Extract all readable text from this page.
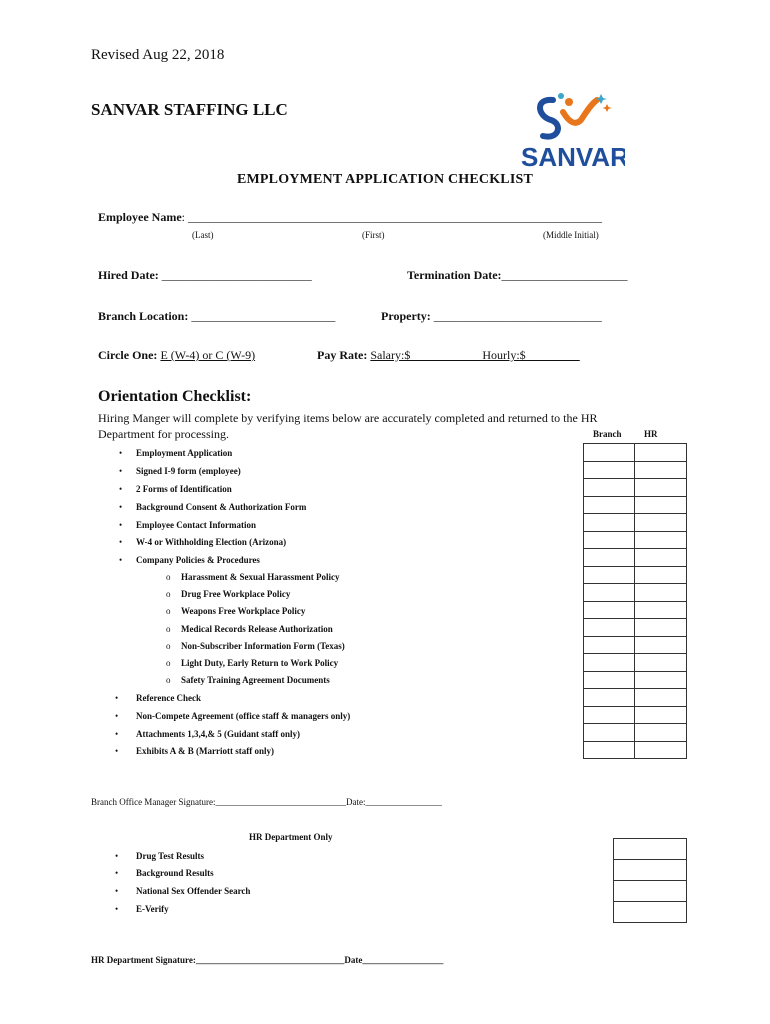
Revised Aug 22, 2018
SANVAR STAFFING LLC
SANVAR
EMPLOYMENT APPLICATION CHECKLIST
Employee Name: _____________________________________________________________________
(Last)	(First)	(Middle Initial)
Hired Date: _________________________	Termination Date:_____________________
Branch Location: ________________________	Property: ____________________________
Circle One: E (W-4) or C (W-9)	Pay Rate: Salary:$____________Hourly:$_________
Orientation Checklist:
Hiring Manger will complete by verifying items below are accurately completed and returned to the HR Department for processing.	Branch HR
• Employment Application
• Signed I-9 form (employee)
• 2 Forms of Identification
• Background Consent & Authorization Form
• Employee Contact Information
• W-4 or Withholding Election (Arizona)
• Company Policies & Procedures
o Harassment & Sexual Harassment Policy
o Drug Free Workplace Policy
o Weapons Free Workplace Policy
o Medical Records Release Authorization
o Non-Subscriber Information Form (Texas)
o Light Duty, Early Return to Work Policy
o Safety Training Agreement Documents
• Reference Check
• Non-Compete Agreement (office staff & managers only)
• Attachments 1,3,4,& 5 (Guidant staff only)
• Exhibits A & B (Marriott staff only)

Branch Office Manager Signature:_____________________________Date:_________________
HR Department Only
• Drug Test Results
• Background Results
• National Sex Offender Search
• E-Verify

HR Department Signature:_________________________________Date__________________
